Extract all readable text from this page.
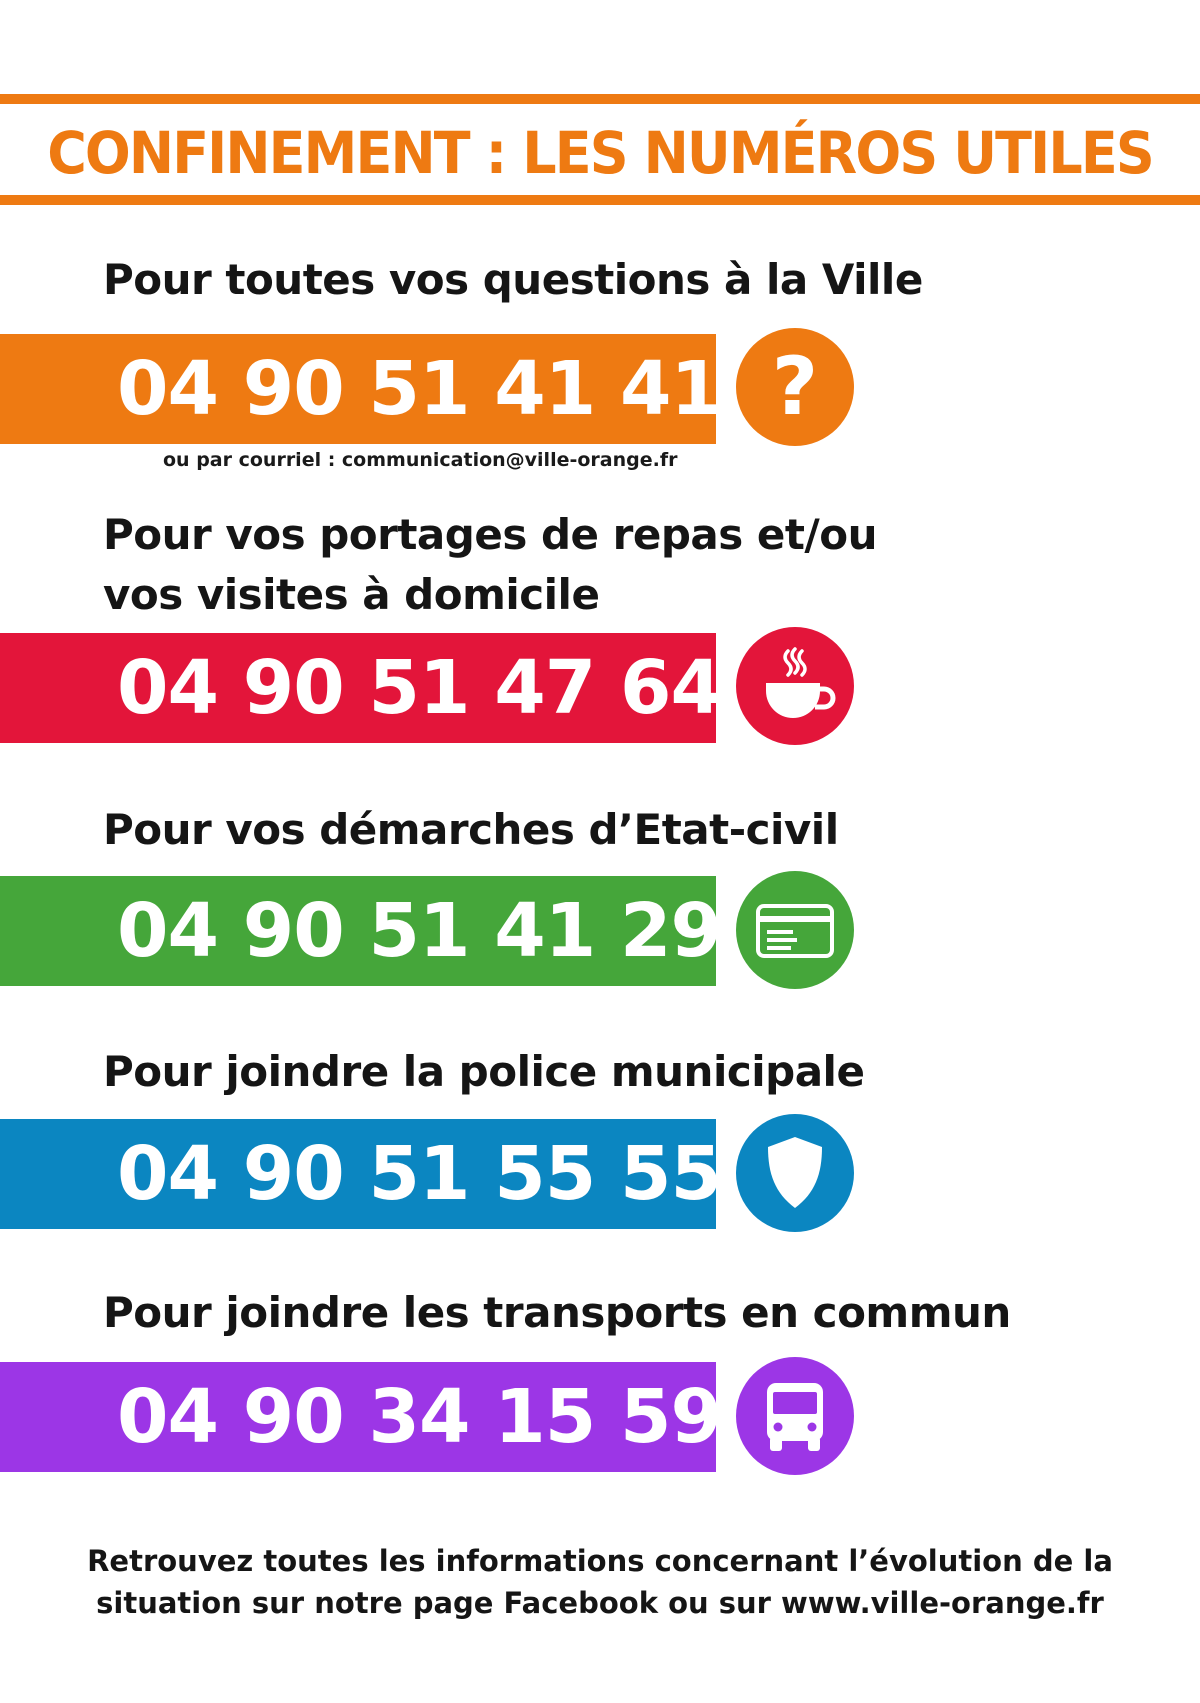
CONFINEMENT : LES NUMÉROS UTILES
Pour toutes vos questions à la Ville
04 90 51 41 41 ?
ou par courriel : communication@ville-orange.fr
Pour vos portages de repas et/ou
vos visites à domicile
04 90 51 47 64
Pour vos démarches d’Etat-civil
04 90 51 41 29
Pour joindre la police municipale
04 90 51 55 55
Pour joindre les transports en commun
04 90 34 15 59
Retrouvez toutes les informations concernant l’évolution de la
situation sur notre page Facebook ou sur www.ville-orange.fr
